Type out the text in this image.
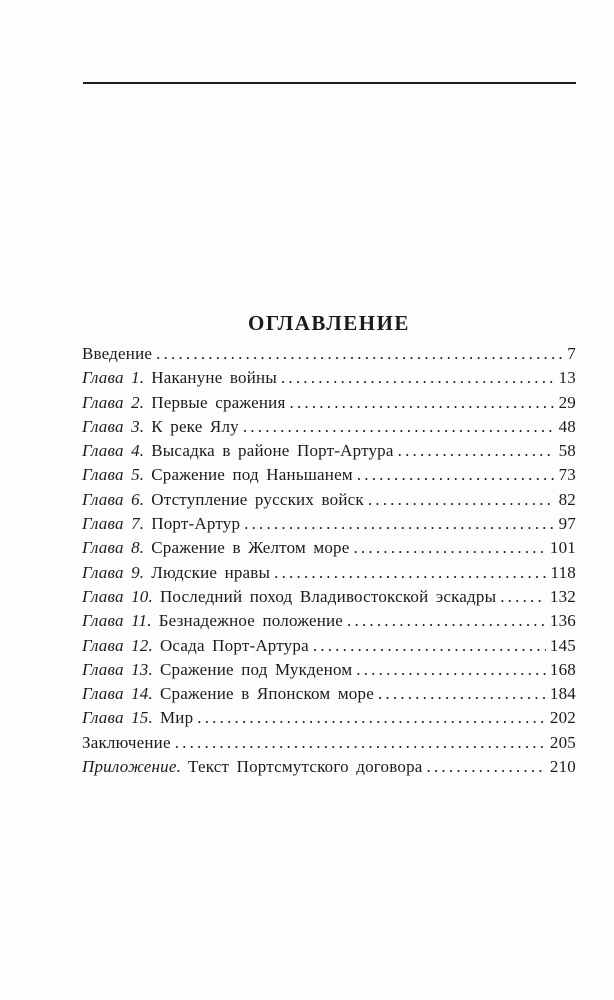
ОГЛАВЛЕНИЕ
Введение .....	7
Глава 1. Накануне войны .....	13
Глава 2. Первые сражения .....	29
Глава 3. К реке Ялу .....	48
Глава 4. Высадка в районе Порт-Артура .....	58
Глава 5. Сражение под Наньшанем .....	73
Глава 6. Отступление русских войск .....	82
Глава 7. Порт-Артур .....	97
Глава 8. Сражение в Желтом море .....	101
Глава 9. Людские нравы .....	118
Глава 10. Последний поход Владивостокской эскадры .....	132
Глава 11. Безнадежное положение .....	136
Глава 12. Осада Порт-Артура .....	145
Глава 13. Сражение под Мукденом .....	168
Глава 14. Сражение в Японском море .....	184
Глава 15. Мир .....	202
Заключение .....	205
Приложение. Текст Портсмутского договора .....	210
